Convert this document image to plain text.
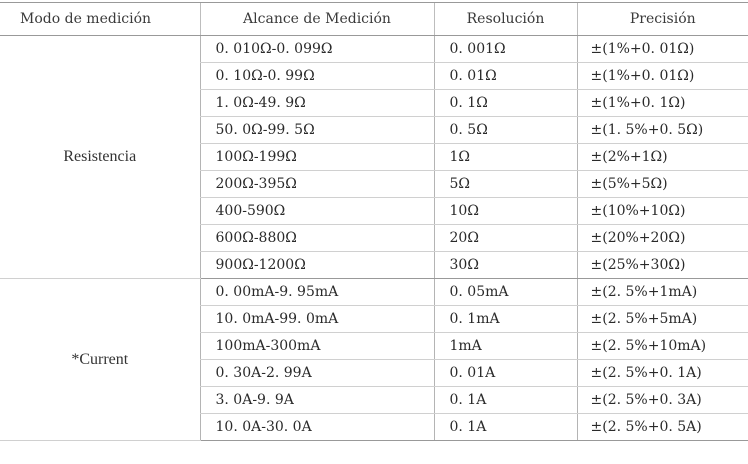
Modo de medición	Alcance de Medición	Resolución	Precisión
Resistencia	0. 010Ω-0. 099Ω	0. 001Ω	±(1%+0. 01Ω)
	0. 10Ω-0. 99Ω	0. 01Ω	±(1%+0. 01Ω)
	1. 0Ω-49. 9Ω	0. 1Ω	±(1%+0. 1Ω)
	50. 0Ω-99. 5Ω	0. 5Ω	±(1. 5%+0. 5Ω)
	100Ω-199Ω	1Ω	±(2%+1Ω)
	200Ω-395Ω	5Ω	±(5%+5Ω)
	400-590Ω	10Ω	±(10%+10Ω)
	600Ω-880Ω	20Ω	±(20%+20Ω)
	900Ω-1200Ω	30Ω	±(25%+30Ω)
*Current	0. 00mA-9. 95mA	0. 05mA	±(2. 5%+1mA)
	10. 0mA-99. 0mA	0. 1mA	±(2. 5%+5mA)
	100mA-300mA	1mA	±(2. 5%+10mA)
	0. 30A-2. 99A	0. 01A	±(2. 5%+0. 1A)
	3. 0A-9. 9A	0. 1A	±(2. 5%+0. 3A)
	10. 0A-30. 0A	0. 1A	±(2. 5%+0. 5A)
